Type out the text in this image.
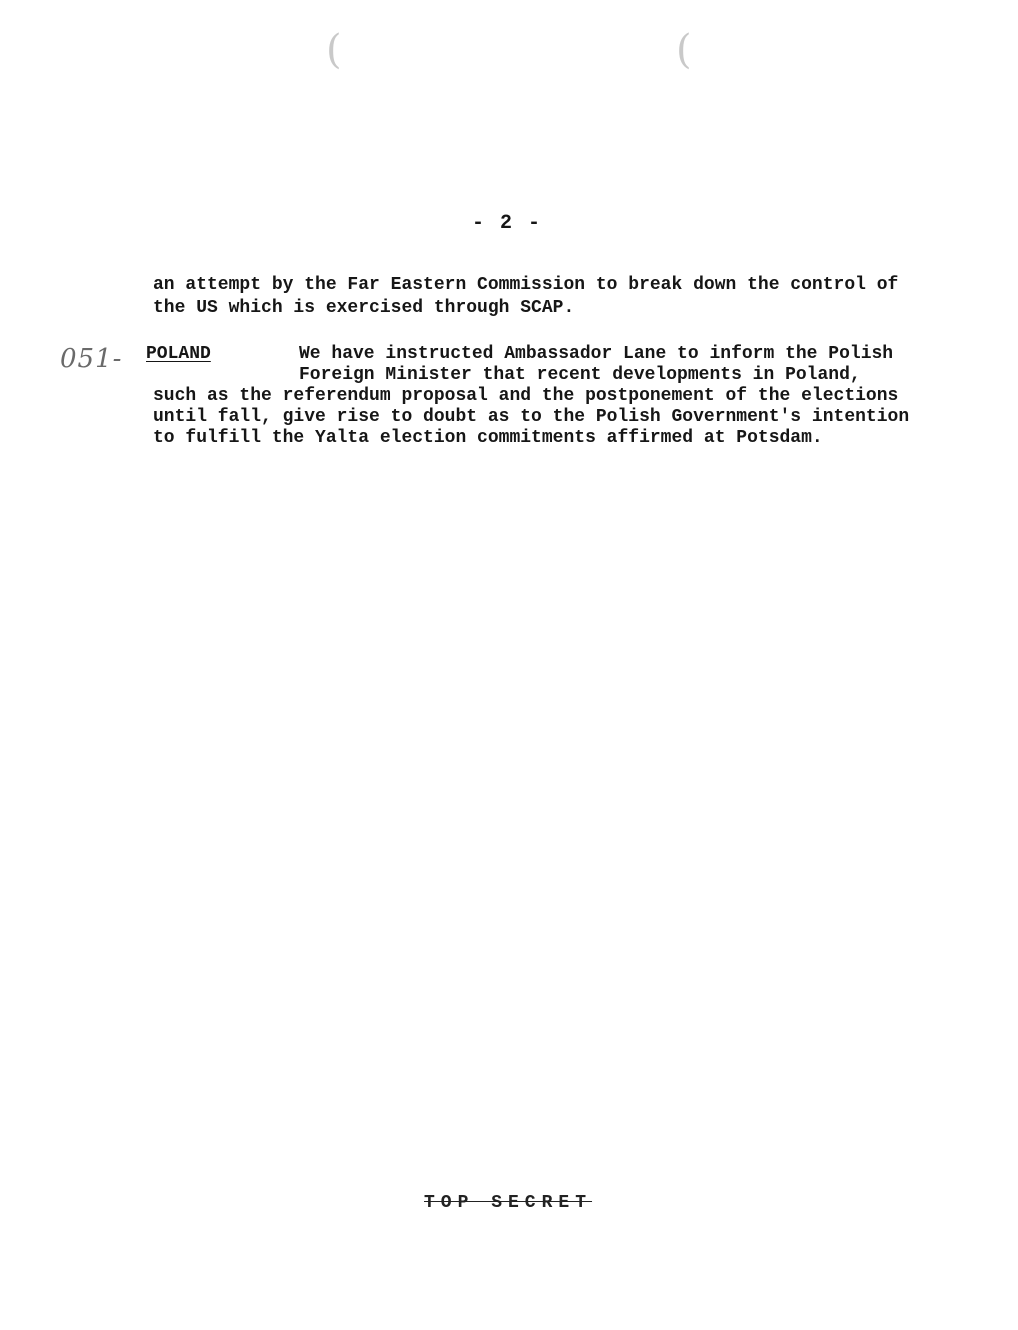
(	(
- 2 -
an attempt by the Far Eastern Commission to break down the control of
the US which is exercised through SCAP.
051- POLAND	We have instructed Ambassador Lane to inform the Polish
Foreign Minister that recent developments in Poland,
such as the referendum proposal and the postponement of the elections
until fall, give rise to doubt as to the Polish Government's intention
to fulfill the Yalta election commitments affirmed at Potsdam.
TOP SECRET
